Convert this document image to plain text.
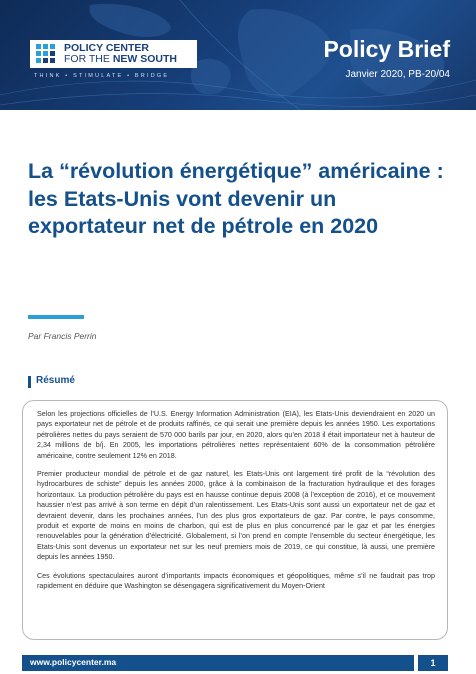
POLICY CENTER
FOR THE NEW SOUTH
THINK • STIMULATE • BRIDGE
Policy Brief
Janvier 2020, PB-20/04
La “révolution énergétique” américaine : les Etats-Unis vont devenir un exportateur net de pétrole en 2020
Par Francis Perrin
Résumé

Selon les projections officielles de l’U.S. Energy Information Administration (EIA), les Etats-Unis deviendraient en 2020 un pays exportateur net de pétrole et de produits raffinés, ce qui serait une première depuis les années 1950. Les exportations pétrolières nettes du pays seraient de 570 000 barils par jour, en 2020, alors qu’en 2018 il était importateur net à hauteur de 2,34 millions de b/j. En 2005, les importations pétrolières nettes représentaient 60% de la consommation pétrolière américaine, contre seulement 12% en 2018.

Premier producteur mondial de pétrole et de gaz naturel, les Etats-Unis ont largement tiré profit de la “révolution des hydrocarbures de schiste” depuis les années 2000, grâce à la combinaison de la fracturation hydraulique et des forages horizontaux. La production pétrolière du pays est en hausse continue depuis 2008 (à l’exception de 2016), et ce mouvement haussier n’est pas arrivé à son terme en dépit d’un ralentissement. Les Etats-Unis sont aussi un exportateur net de gaz et devraient devenir, dans les prochaines années, l’un des plus gros exportateurs de gaz. Par contre, le pays consomme, produit et exporte de moins en moins de charbon, qui est de plus en plus concurrencé par le gaz et par les énergies renouvelables pour la génération d’électricité. Globalement, si l’on prend en compte l’ensemble du secteur énergétique, les Etats-Unis sont devenus un exportateur net sur les neuf premiers mois de 2019, ce qui constitue, là aussi, une première depuis les années 1950.

Ces évolutions spectaculaires auront d’importants impacts économiques et géopolitiques, même s’il ne faudrait pas trop rapidement en déduire que Washington se désengagera significativement du Moyen-Orient

www.policycenter.ma	1
